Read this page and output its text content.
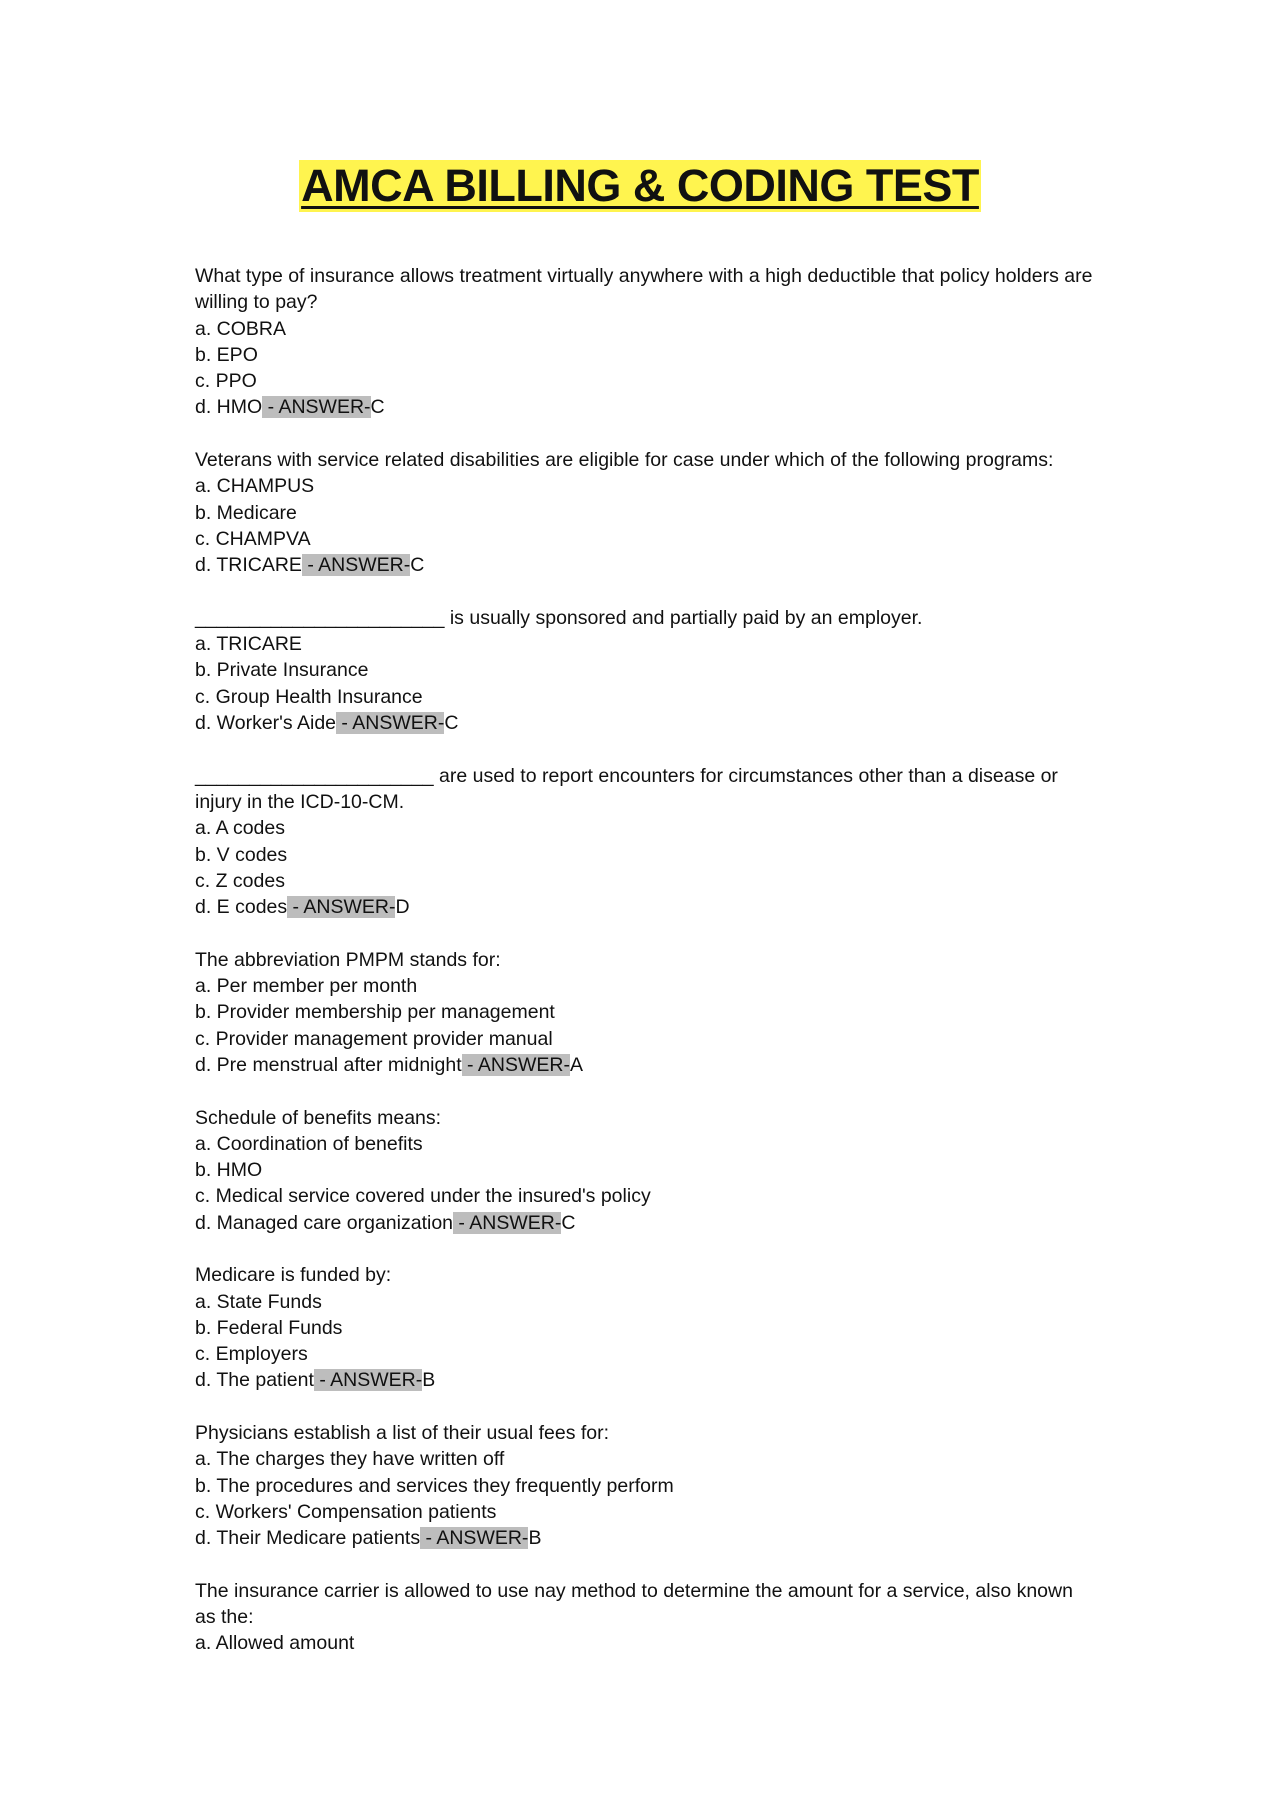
AMCA BILLING & CODING TEST
What type of insurance allows treatment virtually anywhere with a high deductible that policy holders are willing to pay?
a. COBRA
b. EPO
c. PPO
d. HMO - ANSWER-C
Veterans with service related disabilities are eligible for case under which of the following programs:
a. CHAMPUS
b. Medicare
c. CHAMPVA
d. TRICARE - ANSWER-C
_______________________ is usually sponsored and partially paid by an employer.
a. TRICARE
b. Private Insurance
c. Group Health Insurance
d. Worker's Aide - ANSWER-C
______________________ are used to report encounters for circumstances other than a disease or injury in the ICD-10-CM.
a. A codes
b. V codes
c. Z codes
d. E codes - ANSWER-D
The abbreviation PMPM stands for:
a. Per member per month
b. Provider membership per management
c. Provider management provider manual
d. Pre menstrual after midnight - ANSWER-A
Schedule of benefits means:
a. Coordination of benefits
b. HMO
c. Medical service covered under the insured's policy
d. Managed care organization - ANSWER-C
Medicare is funded by:
a. State Funds
b. Federal Funds
c. Employers
d. The patient - ANSWER-B
Physicians establish a list of their usual fees for:
a. The charges they have written off
b. The procedures and services they frequently perform
c. Workers' Compensation patients
d. Their Medicare patients - ANSWER-B
The insurance carrier is allowed to use nay method to determine the amount for a service, also known as the:
a. Allowed amount
